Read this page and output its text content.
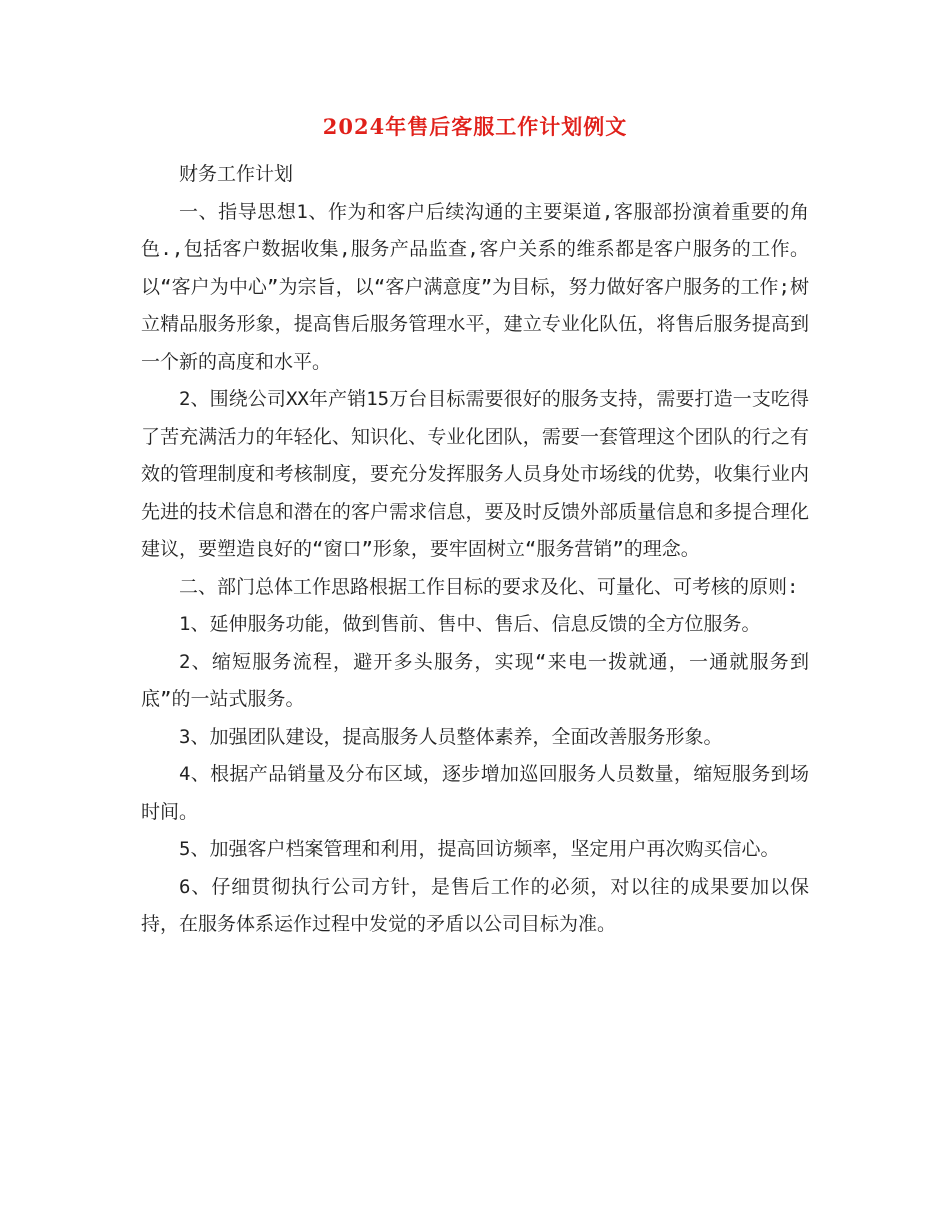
2024年售后客服工作计划例文

财务工作计划

一、指导思想1、作为和客户后续沟通的主要渠道,客服部扮演着重要的角色.,包括客户数据收集,服务产品监查,客户关系的维系都是客户服务的工作。以“客户为中心”为宗旨，以“客户满意度”为目标，努力做好客户服务的工作;树立精品服务形象，提高售后服务管理水平，建立专业化队伍，将售后服务提高到一个新的高度和水平。

2、围绕公司XX年产销15万台目标需要很好的服务支持，需要打造一支吃得了苦充满活力的年轻化、知识化、专业化团队，需要一套管理这个团队的行之有效的管理制度和考核制度，要充分发挥服务人员身处市场线的优势，收集行业内先进的技术信息和潜在的客户需求信息，要及时反馈外部质量信息和多提合理化建议，要塑造良好的“窗口”形象，要牢固树立“服务营销”的理念。

二、部门总体工作思路根据工作目标的要求及化、可量化、可考核的原则:

1、延伸服务功能，做到售前、售中、售后、信息反馈的全方位服务。

2、缩短服务流程，避开多头服务，实现“来电一拨就通，一通就服务到底”的一站式服务。

3、加强团队建设，提高服务人员整体素养，全面改善服务形象。

4、根据产品销量及分布区域，逐步增加巡回服务人员数量，缩短服务到场时间。

5、加强客户档案管理和利用，提高回访频率，坚定用户再次购买信心。

6、仔细贯彻执行公司方针，是售后工作的必须，对以往的成果要加以保持，在服务体系运作过程中发觉的矛盾以公司目标为准。
